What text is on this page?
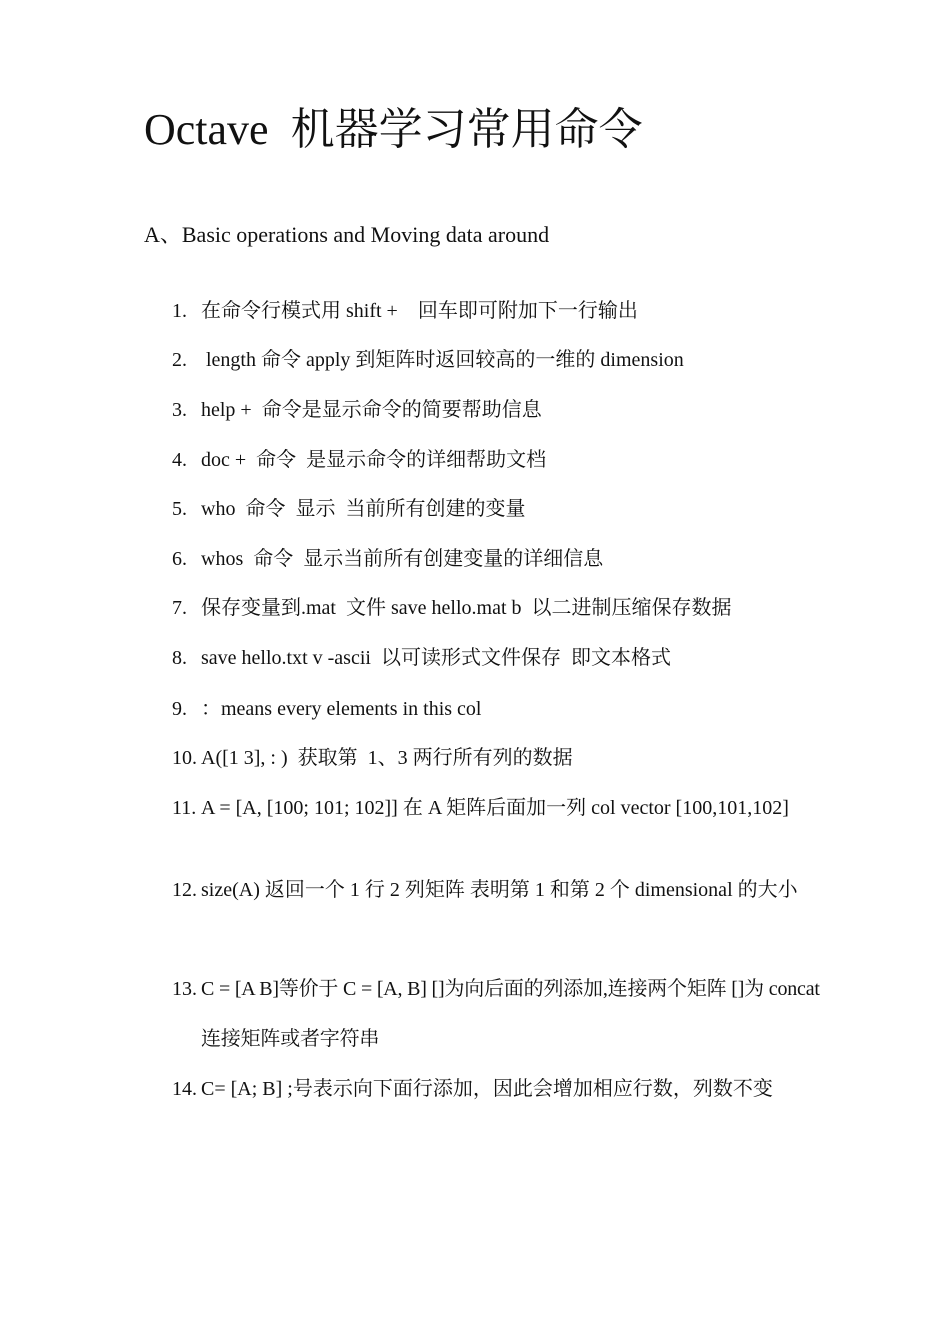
Octave  机器学习常用命令
A、Basic operations and Moving data around
1. 在命令行模式用 shift +    回车即可附加下一行输出
2. length 命令 apply 到矩阵时返回较高的一维的 dimension
3. help +  命令是显示命令的简要帮助信息
4. doc +  命令  是显示命令的详细帮助文档
5. who  命令  显示  当前所有创建的变量
6. whos  命令  显示当前所有创建变量的详细信息
7. 保存变量到.mat  文件 save hello.mat b  以二进制压缩保存数据
8. save hello.txt v -ascii  以可读形式文件保存  即文本格式
9. ：means every elements in this col
10. A([1 3], : )  获取第  1、3 两行所有列的数据
11. A = [A, [100; 101; 102]] 在 A 矩阵后面加一列 col vector [100,101,102]
12. size(A) 返回一个 1 行 2 列矩阵 表明第 1 和第 2 个 dimensional 的大小
13. C = [A B]等价于 C = [A, B] []为向后面的列添加,连接两个矩阵 []为 concat 连接矩阵或者字符串
14. C= [A; B] ;号表示向下面行添加，因此会增加相应行数，列数不变
